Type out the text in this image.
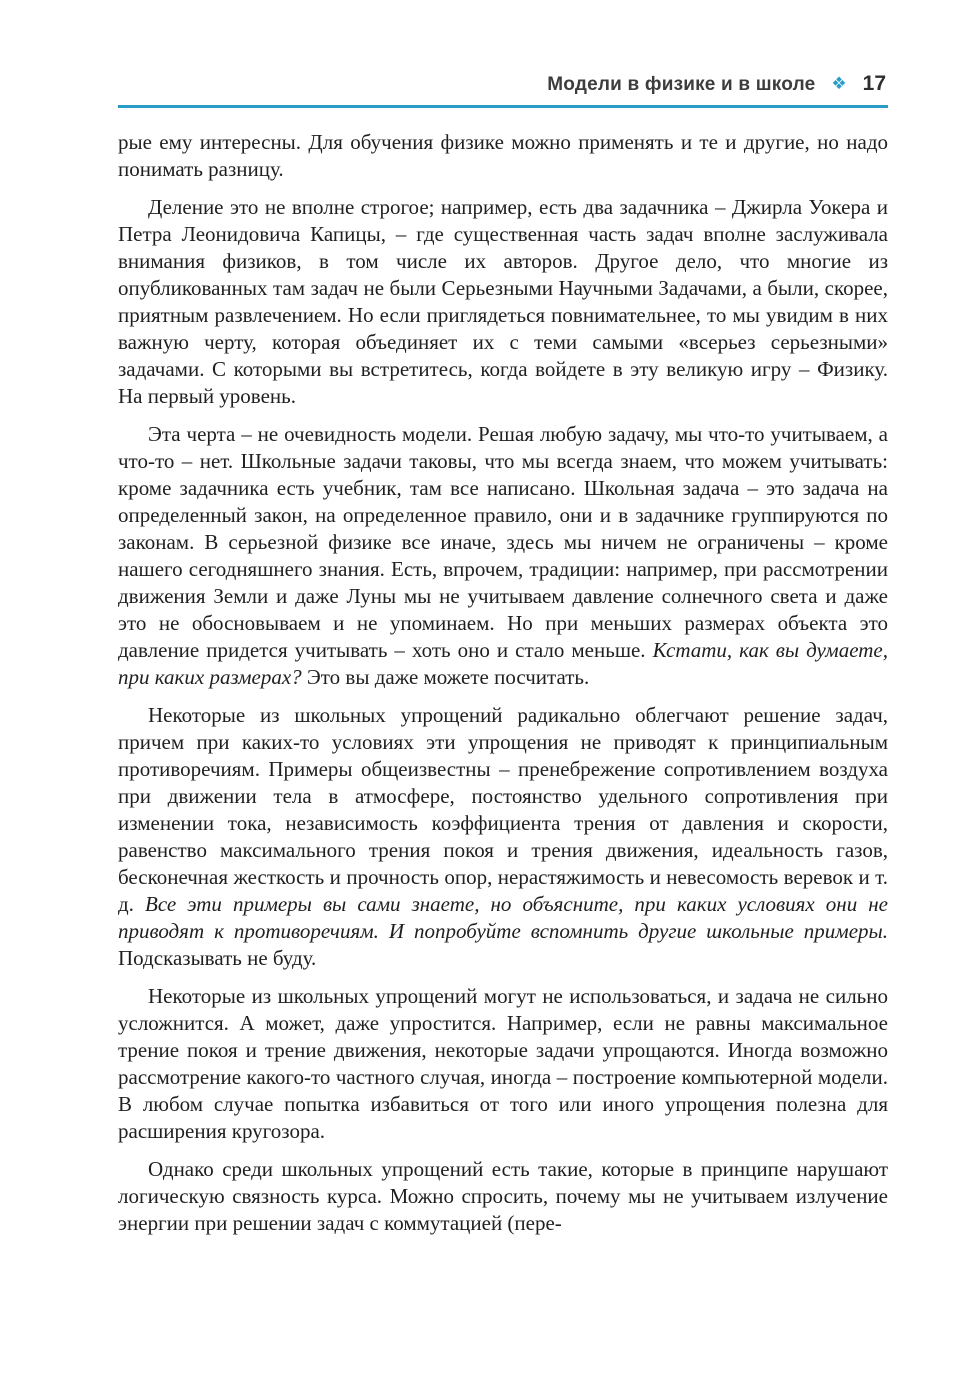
Модели в физике и в школе ❖ 17

рые ему интересны. Для обучения физике можно применять и те и другие, но надо понимать разницу.

Деление это не вполне строгое; например, есть два задачника – Джирла Уокера и Петра Леонидовича Капицы, – где существенная часть задач вполне заслуживала внимания физиков, в том числе их авторов. Другое дело, что многие из опубликованных там задач не были Серьезными Научными Задачами, а были, скорее, приятным развлечением. Но если приглядеться повнимательнее, то мы увидим в них важную черту, которая объединяет их с теми самыми «всерьез серьезными» задачами. С которыми вы встретитесь, когда войдете в эту великую игру – Физику. На первый уровень.

Эта черта – не очевидность модели. Решая любую задачу, мы что-то учитываем, а что-то – нет. Школьные задачи таковы, что мы всегда знаем, что можем учитывать: кроме задачника есть учебник, там все написано. Школьная задача – это задача на определенный закон, на определенное правило, они и в задачнике группируются по законам. В серьезной физике все иначе, здесь мы ничем не ограничены – кроме нашего сегодняшнего знания. Есть, впрочем, традиции: например, при рассмотрении движения Земли и даже Луны мы не учитываем давление солнечного света и даже это не обосновываем и не упоминаем. Но при меньших размерах объекта это давление придется учитывать – хоть оно и стало меньше. Кстати, как вы думаете, при каких размерах? Это вы даже можете посчитать.

Некоторые из школьных упрощений радикально облегчают решение задач, причем при каких-то условиях эти упрощения не приводят к принципиальным противоречиям. Примеры общеизвестны – пренебрежение сопротивлением воздуха при движении тела в атмосфере, постоянство удельного сопротивления при изменении тока, независимость коэффициента трения от давления и скорости, равенство максимального трения покоя и трения движения, идеальность газов, бесконечная жесткость и прочность опор, нерастяжимость и невесомость веревок и т. д. Все эти примеры вы сами знаете, но объясните, при каких условиях они не приводят к противоречиям. И попробуйте вспомнить другие школьные примеры. Подсказывать не буду.

Некоторые из школьных упрощений могут не использоваться, и задача не сильно усложнится. А может, даже упростится. Например, если не равны максимальное трение покоя и трение движения, некоторые задачи упрощаются. Иногда возможно рассмотрение какого-то частного случая, иногда – построение компьютерной модели. В любом случае попытка избавиться от того или иного упрощения полезна для расширения кругозора.

Однако среди школьных упрощений есть такие, которые в принципе нарушают логическую связность курса. Можно спросить, почему мы не учитываем излучение энергии при решении задач с коммутацией (пере-
